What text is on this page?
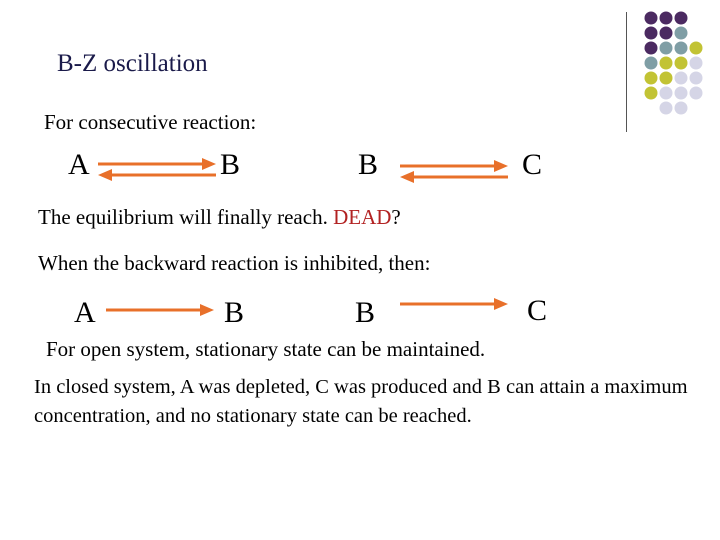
B-Z oscillation
For consecutive reaction:
A	B	B	C
The equilibrium will finally reach. DEAD?
When the backward reaction is inhibited, then:
A	B	B	C
For open system, stationary state can be maintained.
In closed system, A was depleted, C was produced and B can attain a maximum concentration, and no stationary state can be reached.
